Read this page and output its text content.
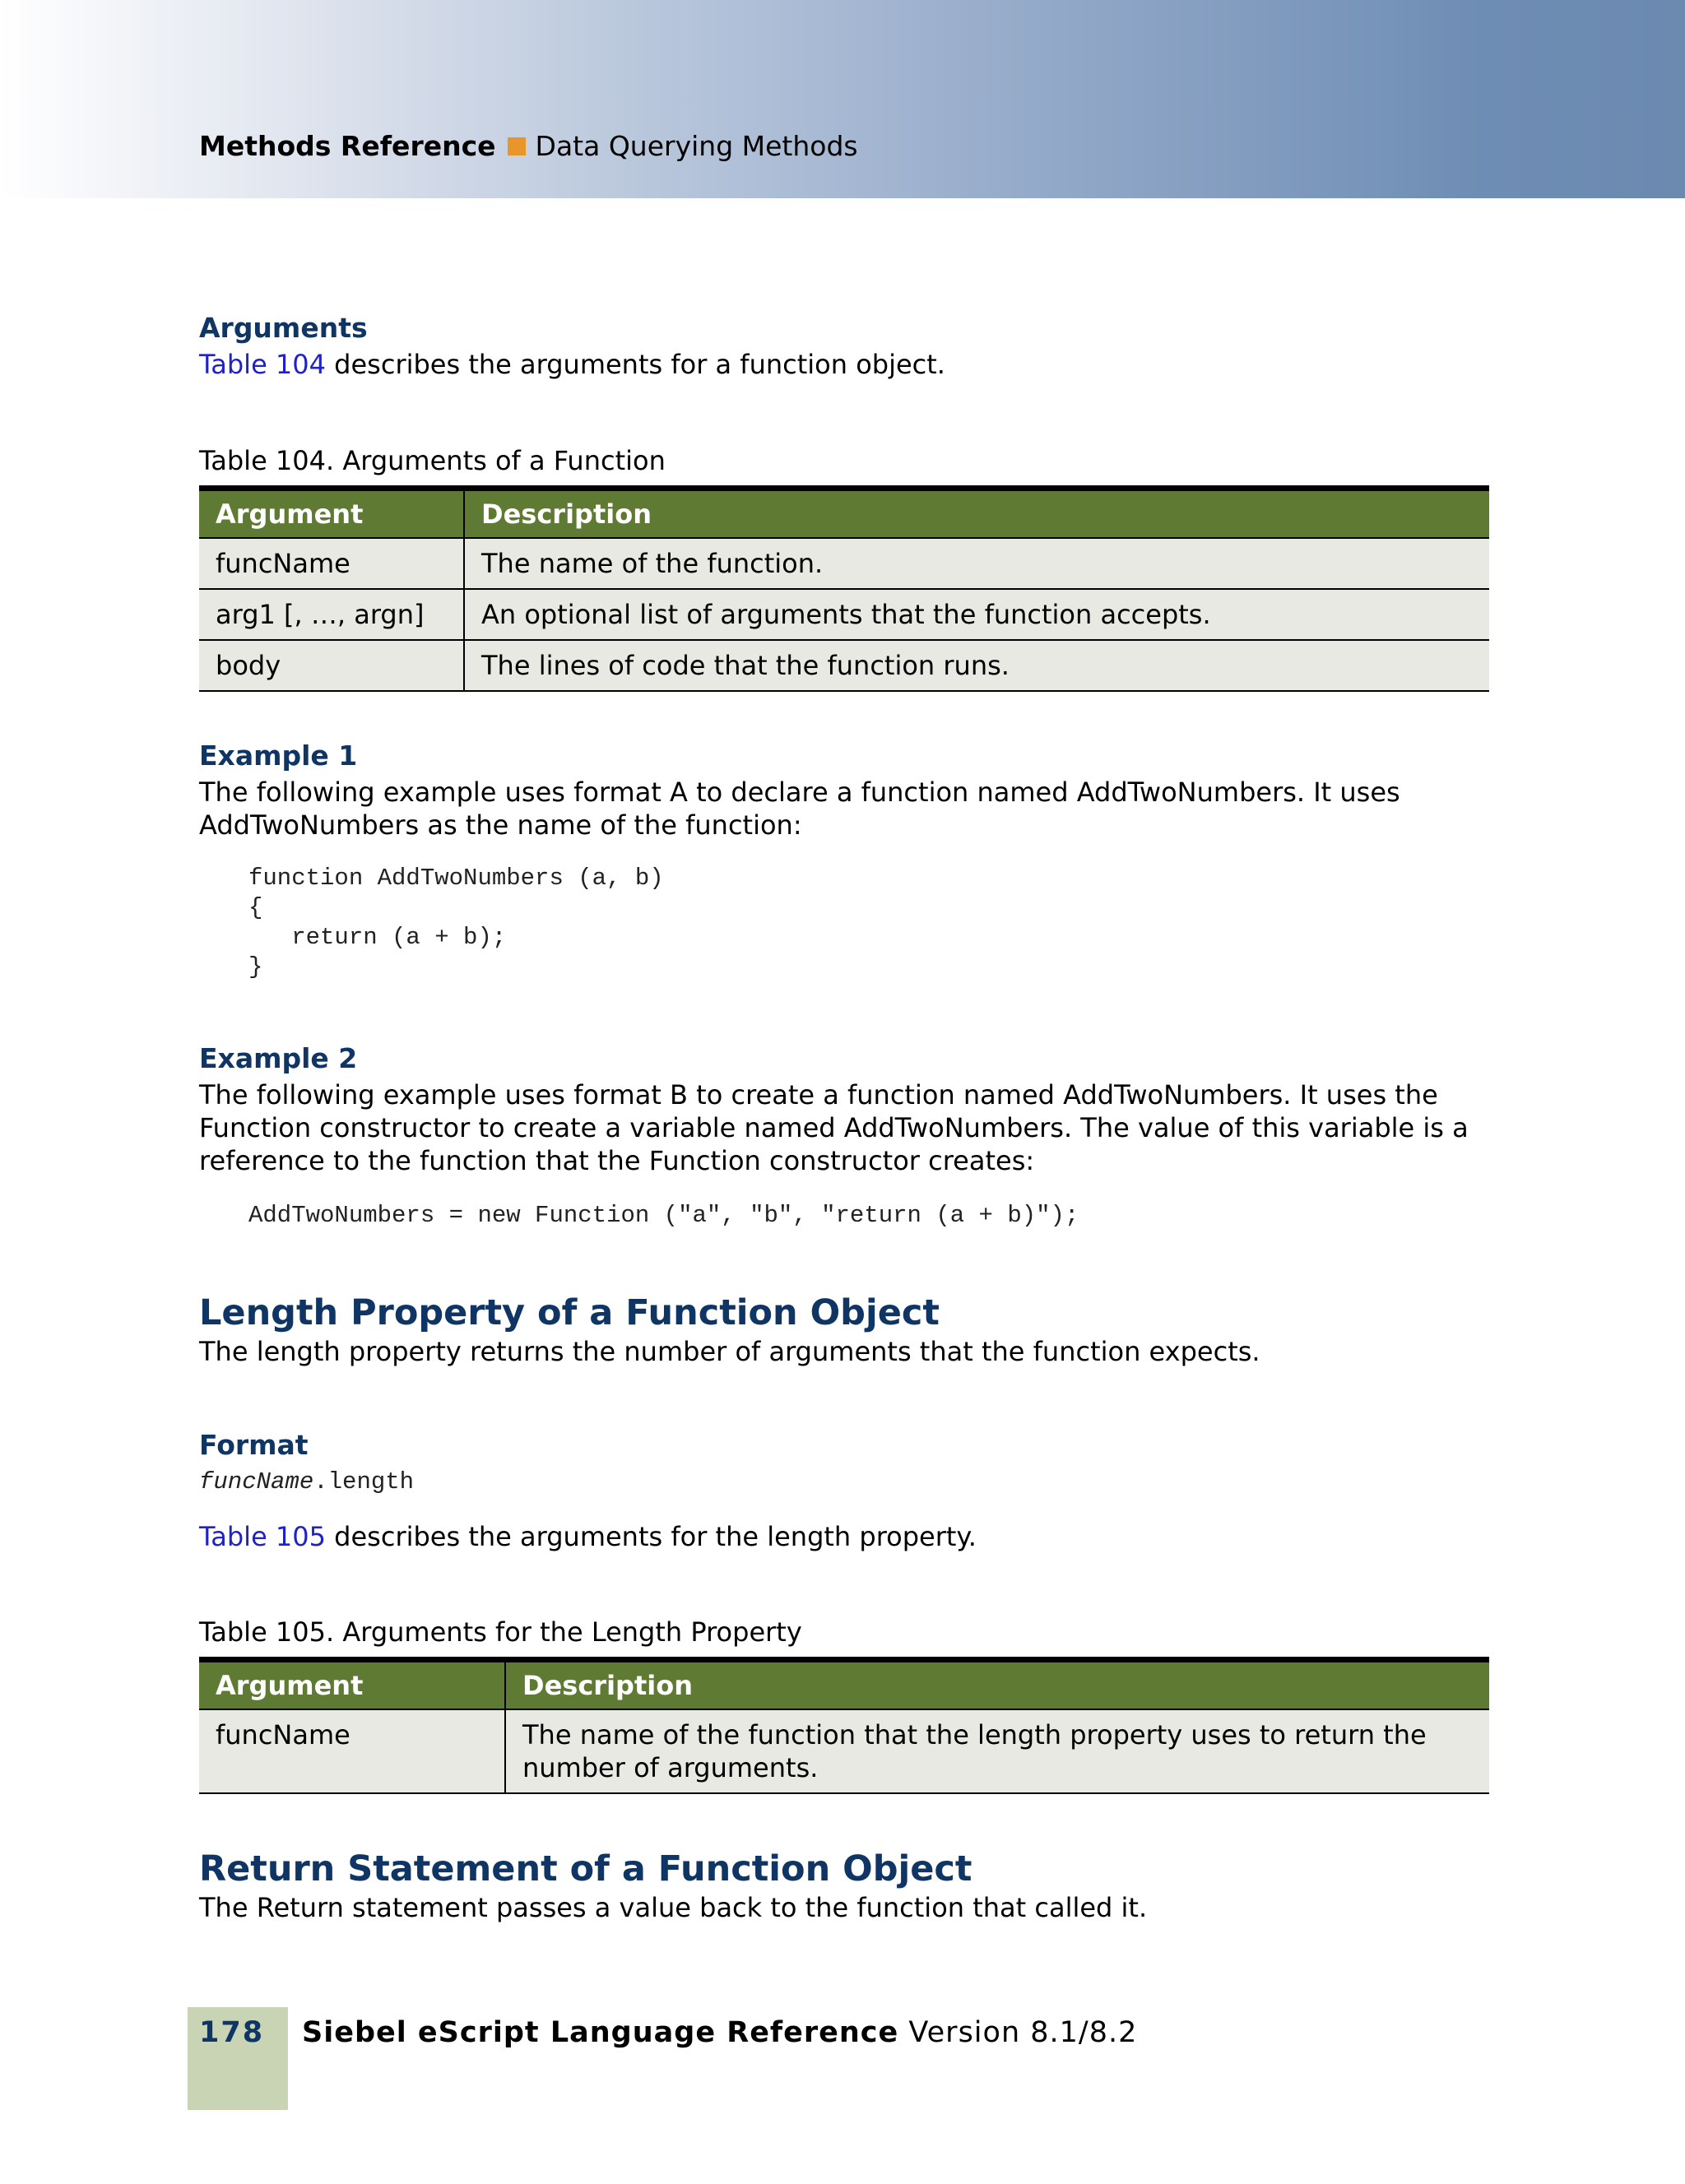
Methods Reference Data Querying Methods
Arguments
Table 104 describes the arguments for a function object.
Table 104. Arguments of a Function
Argument	Description
funcName	The name of the function.
arg1 [, …, argn]	An optional list of arguments that the function accepts.
body	The lines of code that the function runs.
Example 1
The following example uses format A to declare a function named AddTwoNumbers. It uses AddTwoNumbers as the name of the function:
function AddTwoNumbers (a, b)
{
return (a + b);
}
Example 2
The following example uses format B to create a function named AddTwoNumbers. It uses the Function constructor to create a variable named AddTwoNumbers. The value of this variable is a reference to the function that the Function constructor creates:
AddTwoNumbers = new Function ("a", "b", "return (a + b)");
Length Property of a Function Object
The length property returns the number of arguments that the function expects.
Format
funcName.length
Table 105 describes the arguments for the length property.
Table 105. Arguments for the Length Property
Argument	Description
funcName	The name of the function that the length property uses to return the number of arguments.
Return Statement of a Function Object
The Return statement passes a value back to the function that called it.
178 Siebel eScript Language Reference Version 8.1/8.2
